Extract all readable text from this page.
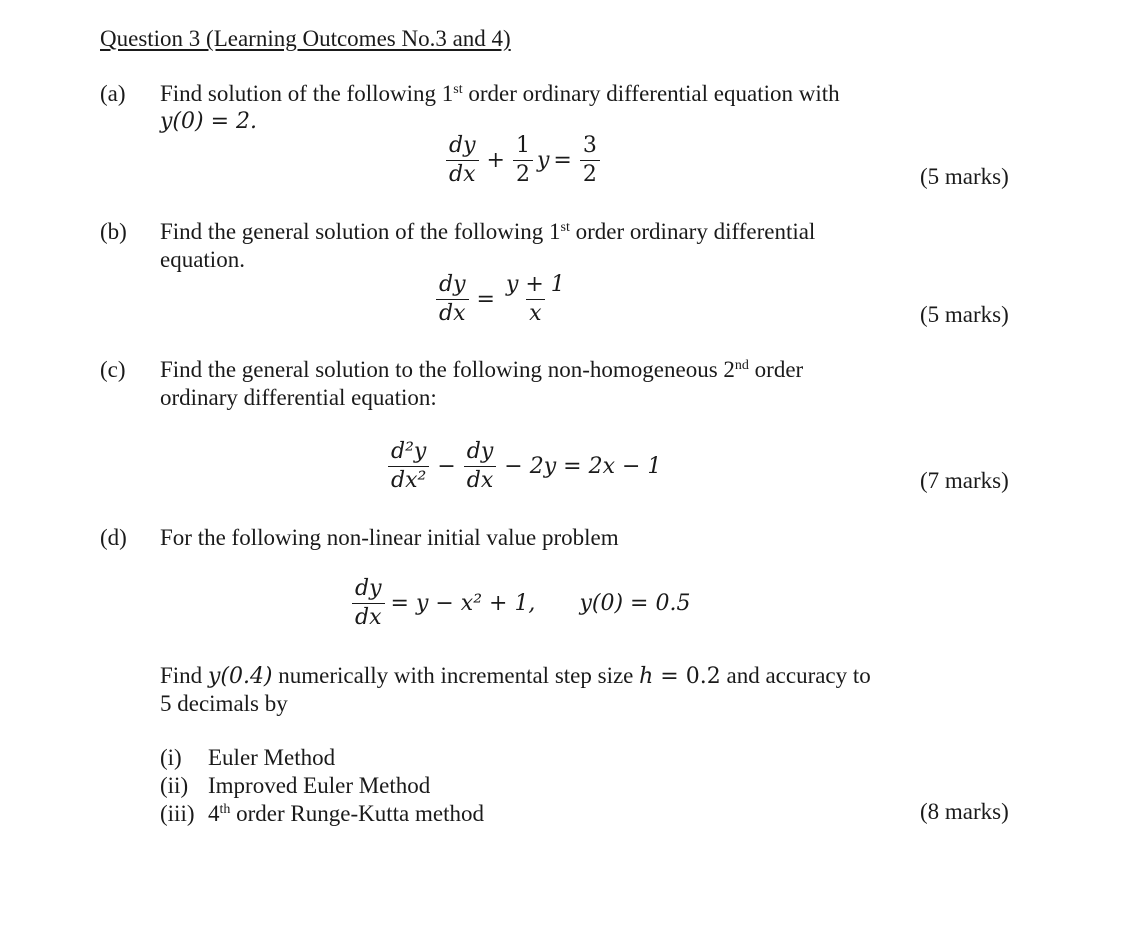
Question 3 (Learning Outcomes No.3 and 4)
(a) Find solution of the following 1st order ordinary differential equation with
y(0) = 2.
$\frac{dy}{dx} + \frac{1}{2}$ $y = \frac{3}{2}$	(5 marks)
(b) Find the general solution of the following 1st order ordinary differential
equation.
$\frac{dy}{dx} = \frac{y + 1}{x}$	(5 marks)
(c) Find the general solution to the following non-homogeneous 2nd order
ordinary differential equation:
$\frac{\text{d²y}}{\text{dx²}} - \frac{dy}{dx} - 2y = 2x - 1$
(7 marks)
(d) For the following non-linear initial value problem
$\frac{dy}{dx} = y - x^2 + 1$, y(0) = 0.5
Find y(0.4) numerically with incremental step size h = 0.2 and accuracy to
5 decimals by
(i) Euler Method
(ii) Improved Euler Method
(iii) 4th order Runge-Kutta method	(8 marks)
